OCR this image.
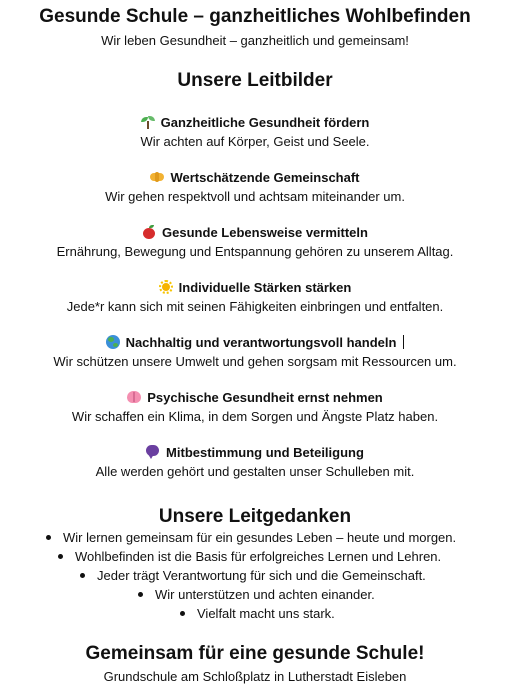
Gesunde Schule – ganzheitliches Wohlbefinden
Wir leben Gesundheit – ganzheitlich und gemeinsam!
Unsere Leitbilder
Ganzheitliche Gesundheit fördern
Wir achten auf Körper, Geist und Seele.
Wertschätzende Gemeinschaft
Wir gehen respektvoll und achtsam miteinander um.
Gesunde Lebensweise vermitteln
Ernährung, Bewegung und Entspannung gehören zu unserem Alltag.
Individuelle Stärken stärken
Jede*r kann sich mit seinen Fähigkeiten einbringen und entfalten.
Nachhaltig und verantwortungsvoll handeln
Wir schützen unsere Umwelt und gehen sorgsam mit Ressourcen um.
Psychische Gesundheit ernst nehmen
Wir schaffen ein Klima, in dem Sorgen und Ängste Platz haben.
Mitbestimmung und Beteiligung
Alle werden gehört und gestalten unser Schulleben mit.
Unsere Leitgedanken
Wir lernen gemeinsam für ein gesundes Leben – heute und morgen.
Wohlbefinden ist die Basis für erfolgreiches Lernen und Lehren.
Jeder trägt Verantwortung für sich und die Gemeinschaft.
Wir unterstützen und achten einander.
Vielfalt macht uns stark.
Gemeinsam für eine gesunde Schule!
Grundschule am Schloßplatz in Lutherstadt Eisleben
